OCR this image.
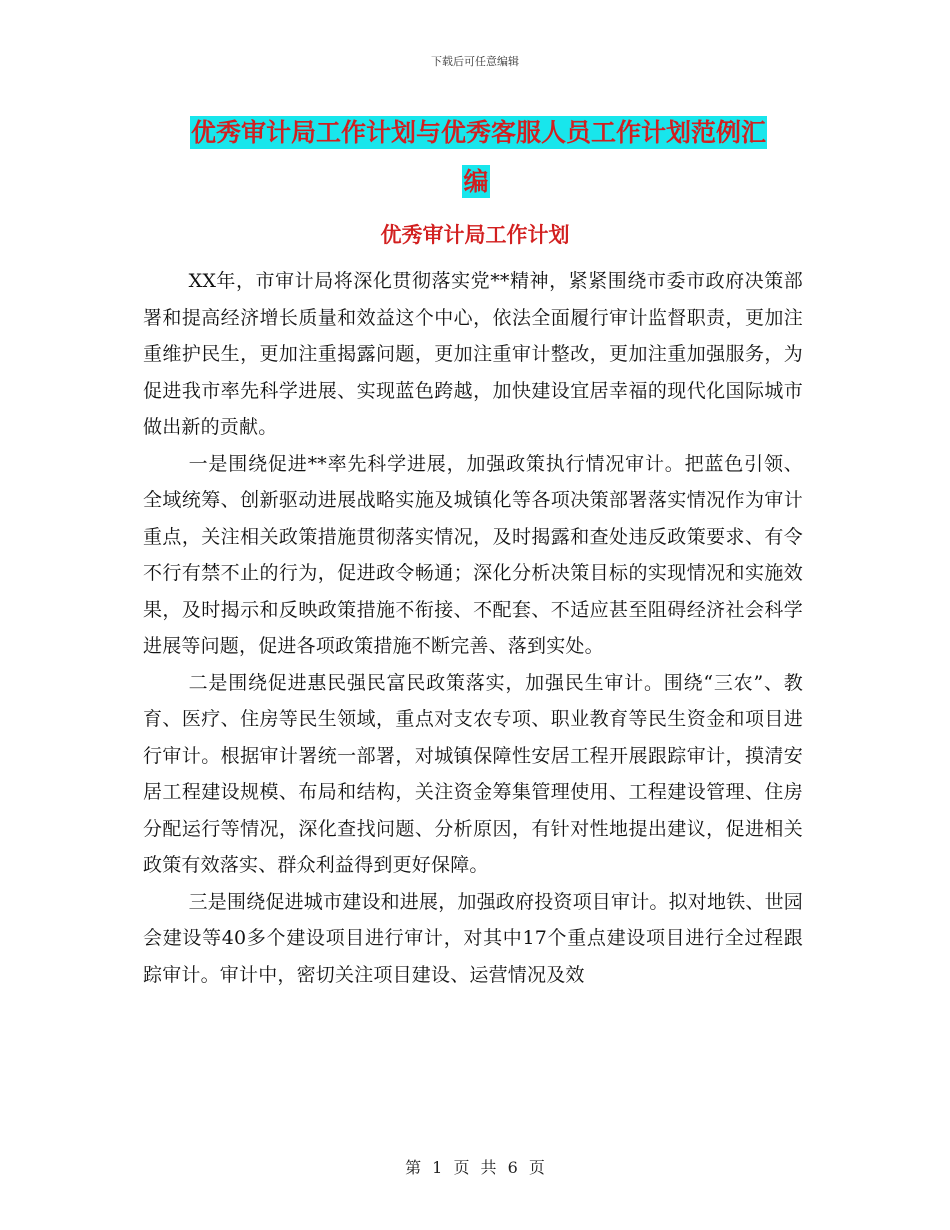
下载后可任意编辑
优秀审计局工作计划与优秀客服人员工作计划范例汇
编
优秀审计局工作计划

XX年，市审计局将深化贯彻落实党**精神，紧紧围绕市委市政府决策部署和提高经济增长质量和效益这个中心，依法全面履行审计监督职责，更加注重维护民生，更加注重揭露问题，更加注重审计整改，更加注重加强服务，为促进我市率先科学进展、实现蓝色跨越，加快建设宜居幸福的现代化国际城市做出新的贡献。

一是围绕促进**率先科学进展，加强政策执行情况审计。把蓝色引领、全域统筹、创新驱动进展战略实施及城镇化等各项决策部署落实情况作为审计重点，关注相关政策措施贯彻落实情况，及时揭露和查处违反政策要求、有令不行有禁不止的行为，促进政令畅通；深化分析决策目标的实现情况和实施效果，及时揭示和反映政策措施不衔接、不配套、不适应甚至阻碍经济社会科学进展等问题，促进各项政策措施不断完善、落到实处。

二是围绕促进惠民强民富民政策落实，加强民生审计。围绕“三农”、教育、医疗、住房等民生领域，重点对支农专项、职业教育等民生资金和项目进行审计。根据审计署统一部署，对城镇保障性安居工程开展跟踪审计，摸清安居工程建设规模、布局和结构，关注资金筹集管理使用、工程建设管理、住房分配运行等情况，深化查找问题、分析原因，有针对性地提出建议，促进相关政策有效落实、群众利益得到更好保障。

三是围绕促进城市建设和进展，加强政府投资项目审计。拟对地铁、世园会建设等40多个建设项目进行审计，对其中17个重点建设项目进行全过程跟踪审计。审计中，密切关注项目建设、运营情况及效

第 1 页 共 6 页
